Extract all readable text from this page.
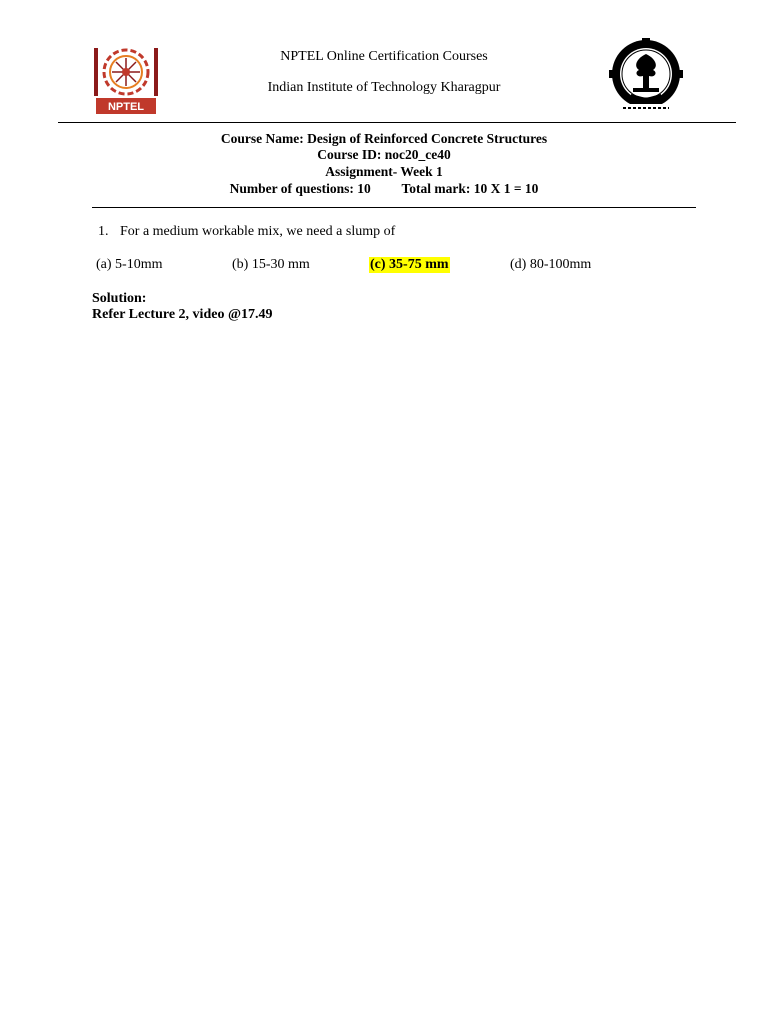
NPTEL
NPTEL Online Certification Courses
Indian Institute of Technology Kharagpur
Course Name: Design of Reinforced Concrete Structures
Course ID: noc20_ce40
Assignment- Week 1
Number of questions: 10 Total mark: 10 X 1 = 10
1. For a medium workable mix, we need a slump of
(a) 5-10mm	(b) 15-30 mm	(c) 35-75 mm	(d) 80-100mm
Solution:
Refer Lecture 2, video @17.49
